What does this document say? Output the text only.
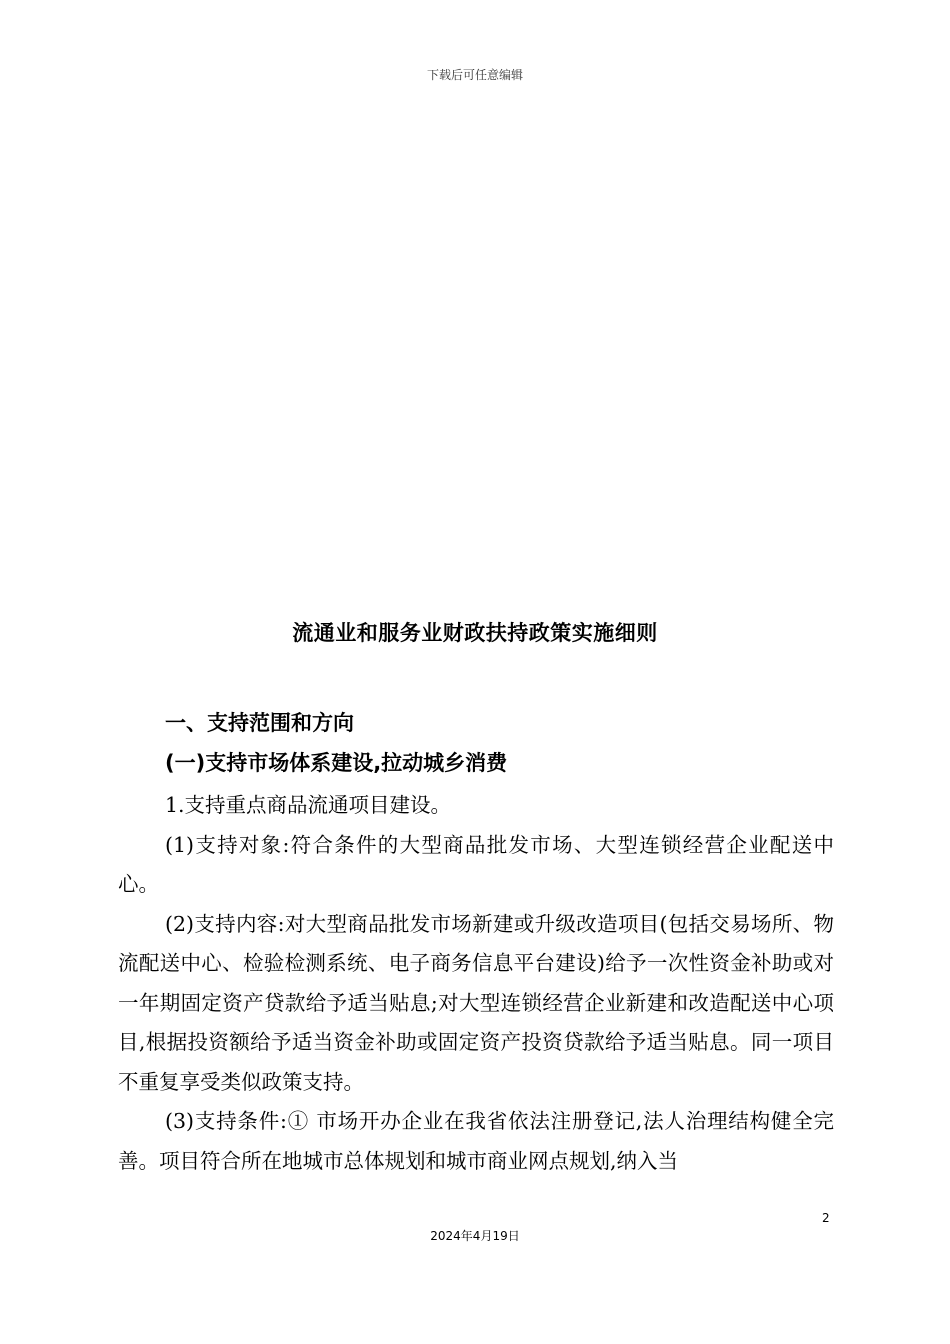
下载后可任意编辑
流通业和服务业财政扶持政策实施细则
一、支持范围和方向
(一)支持市场体系建设,拉动城乡消费

1.支持重点商品流通项目建设。

(1)支持对象:符合条件的大型商品批发市场、大型连锁经营企业配送中心。

(2)支持内容:对大型商品批发市场新建或升级改造项目(包括交易场所、物流配送中心、检验检测系统、电子商务信息平台建设)给予一次性资金补助或对一年期固定资产贷款给予适当贴息;对大型连锁经营企业新建和改造配送中心项目,根据投资额给予适当资金补助或固定资产投资贷款给予适当贴息。同一项目不重复享受类似政策支持。

(3)支持条件:① 市场开办企业在我省依法注册登记,法人治理结构健全完善。项目符合所在地城市总体规划和城市商业网点规划,纳入当

2
2024年4月19日
